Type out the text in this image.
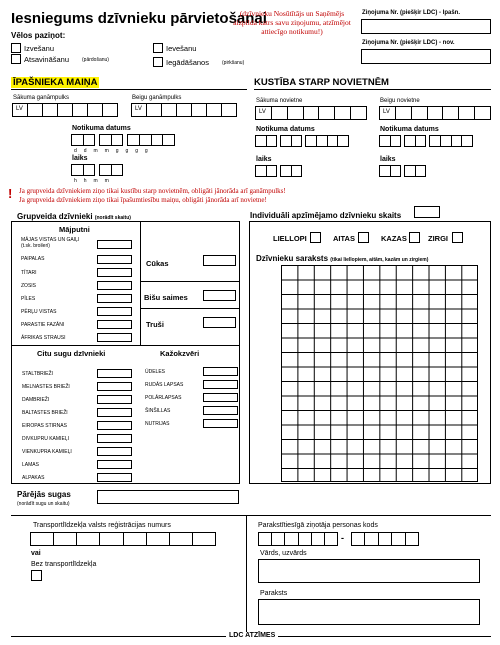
Iesniegums dzīvnieku pārvietošanai
(dzīvnieku Nosūtītājs un Saņēmējs aizpilda katrs savu ziņojumu, atzīmējot attiecīgo notikumu!)
Ziņojuma Nr. (piešķir LDC) - Ipašn.
Ziņojuma Nr. (piešķir LDC) - nov.
Vēlos paziņot:
Izvešanu
Atsavināšanu	(pārdošanu)
Ievešanu
Iegādāšanos	(pirkšanu)
ĪPAŠNIEKA MAIŅA	KUSTĪBA STARP NOVIETNĒM
Sākuma ganāmpulks
LV
Beigu ganāmpulks
LV
Notikuma datums
d d m m g g g g
laiks
h h m m
Sākuma novietne
LV
Beigu novietne
LV
Notikuma datums
laiks
Notikuma datums
laiks
! Ja grupveida dzīvniekiem ziņo tikai kustību starp novietnēm, obligāti jānorāda arī ganāmpulks!
Ja grupveida dzīvniekiem ziņo tikai īpašumtiesību maiņu, obligāti jānorāda arī novietne!
Grupveida dzīvnieki (norādīt skaitu)	Individuāli apzīmējamo dzīvnieku skaits
Mājputni
MĀJAS VISTAS UN GAIĻI (t.sk. broileri)
PAIPALAS
TĪTARI
ZOSIS
PĪLES
PĒRĻU VISTAS
PARASTIE FAZĀNI
ĀFRIKAS STRAUSI
Cūkas
Bišu saimes
Truši
Citu sugu dzīvnieki	Kažokzvēri
STALTBRIEŽI
MELNASTES BRIEŽI
DAMBRIEŽI
BALTASTES BRIEŽI
EIROPAS STIRNAS
DIVKUPRU KAMIEĻI
VIENKUPRA KAMIEĻI
LAMAS
ALPAKAS
ŪDELES
RUDĀS LAPSAS
POLĀRLAPSAS
ŠINŠILLAS
NUTRIJAS
LIELLOPI	AITAS	KAZAS	ZIRGI
Dzīvnieku saraksts (tikai liellopiem, aitām, kazām un zirgiem)
Pārējās sugas
(norādīt sugu un skaitu)
Transportlīdzekļa valsts reģistrācijas numurs
vai
Bez transportlīdzekļa
Parakstītiesīgā ziņotāja personas kods
-
Vārds, uzvārds
Paraksts
LDC ATZĪMES
